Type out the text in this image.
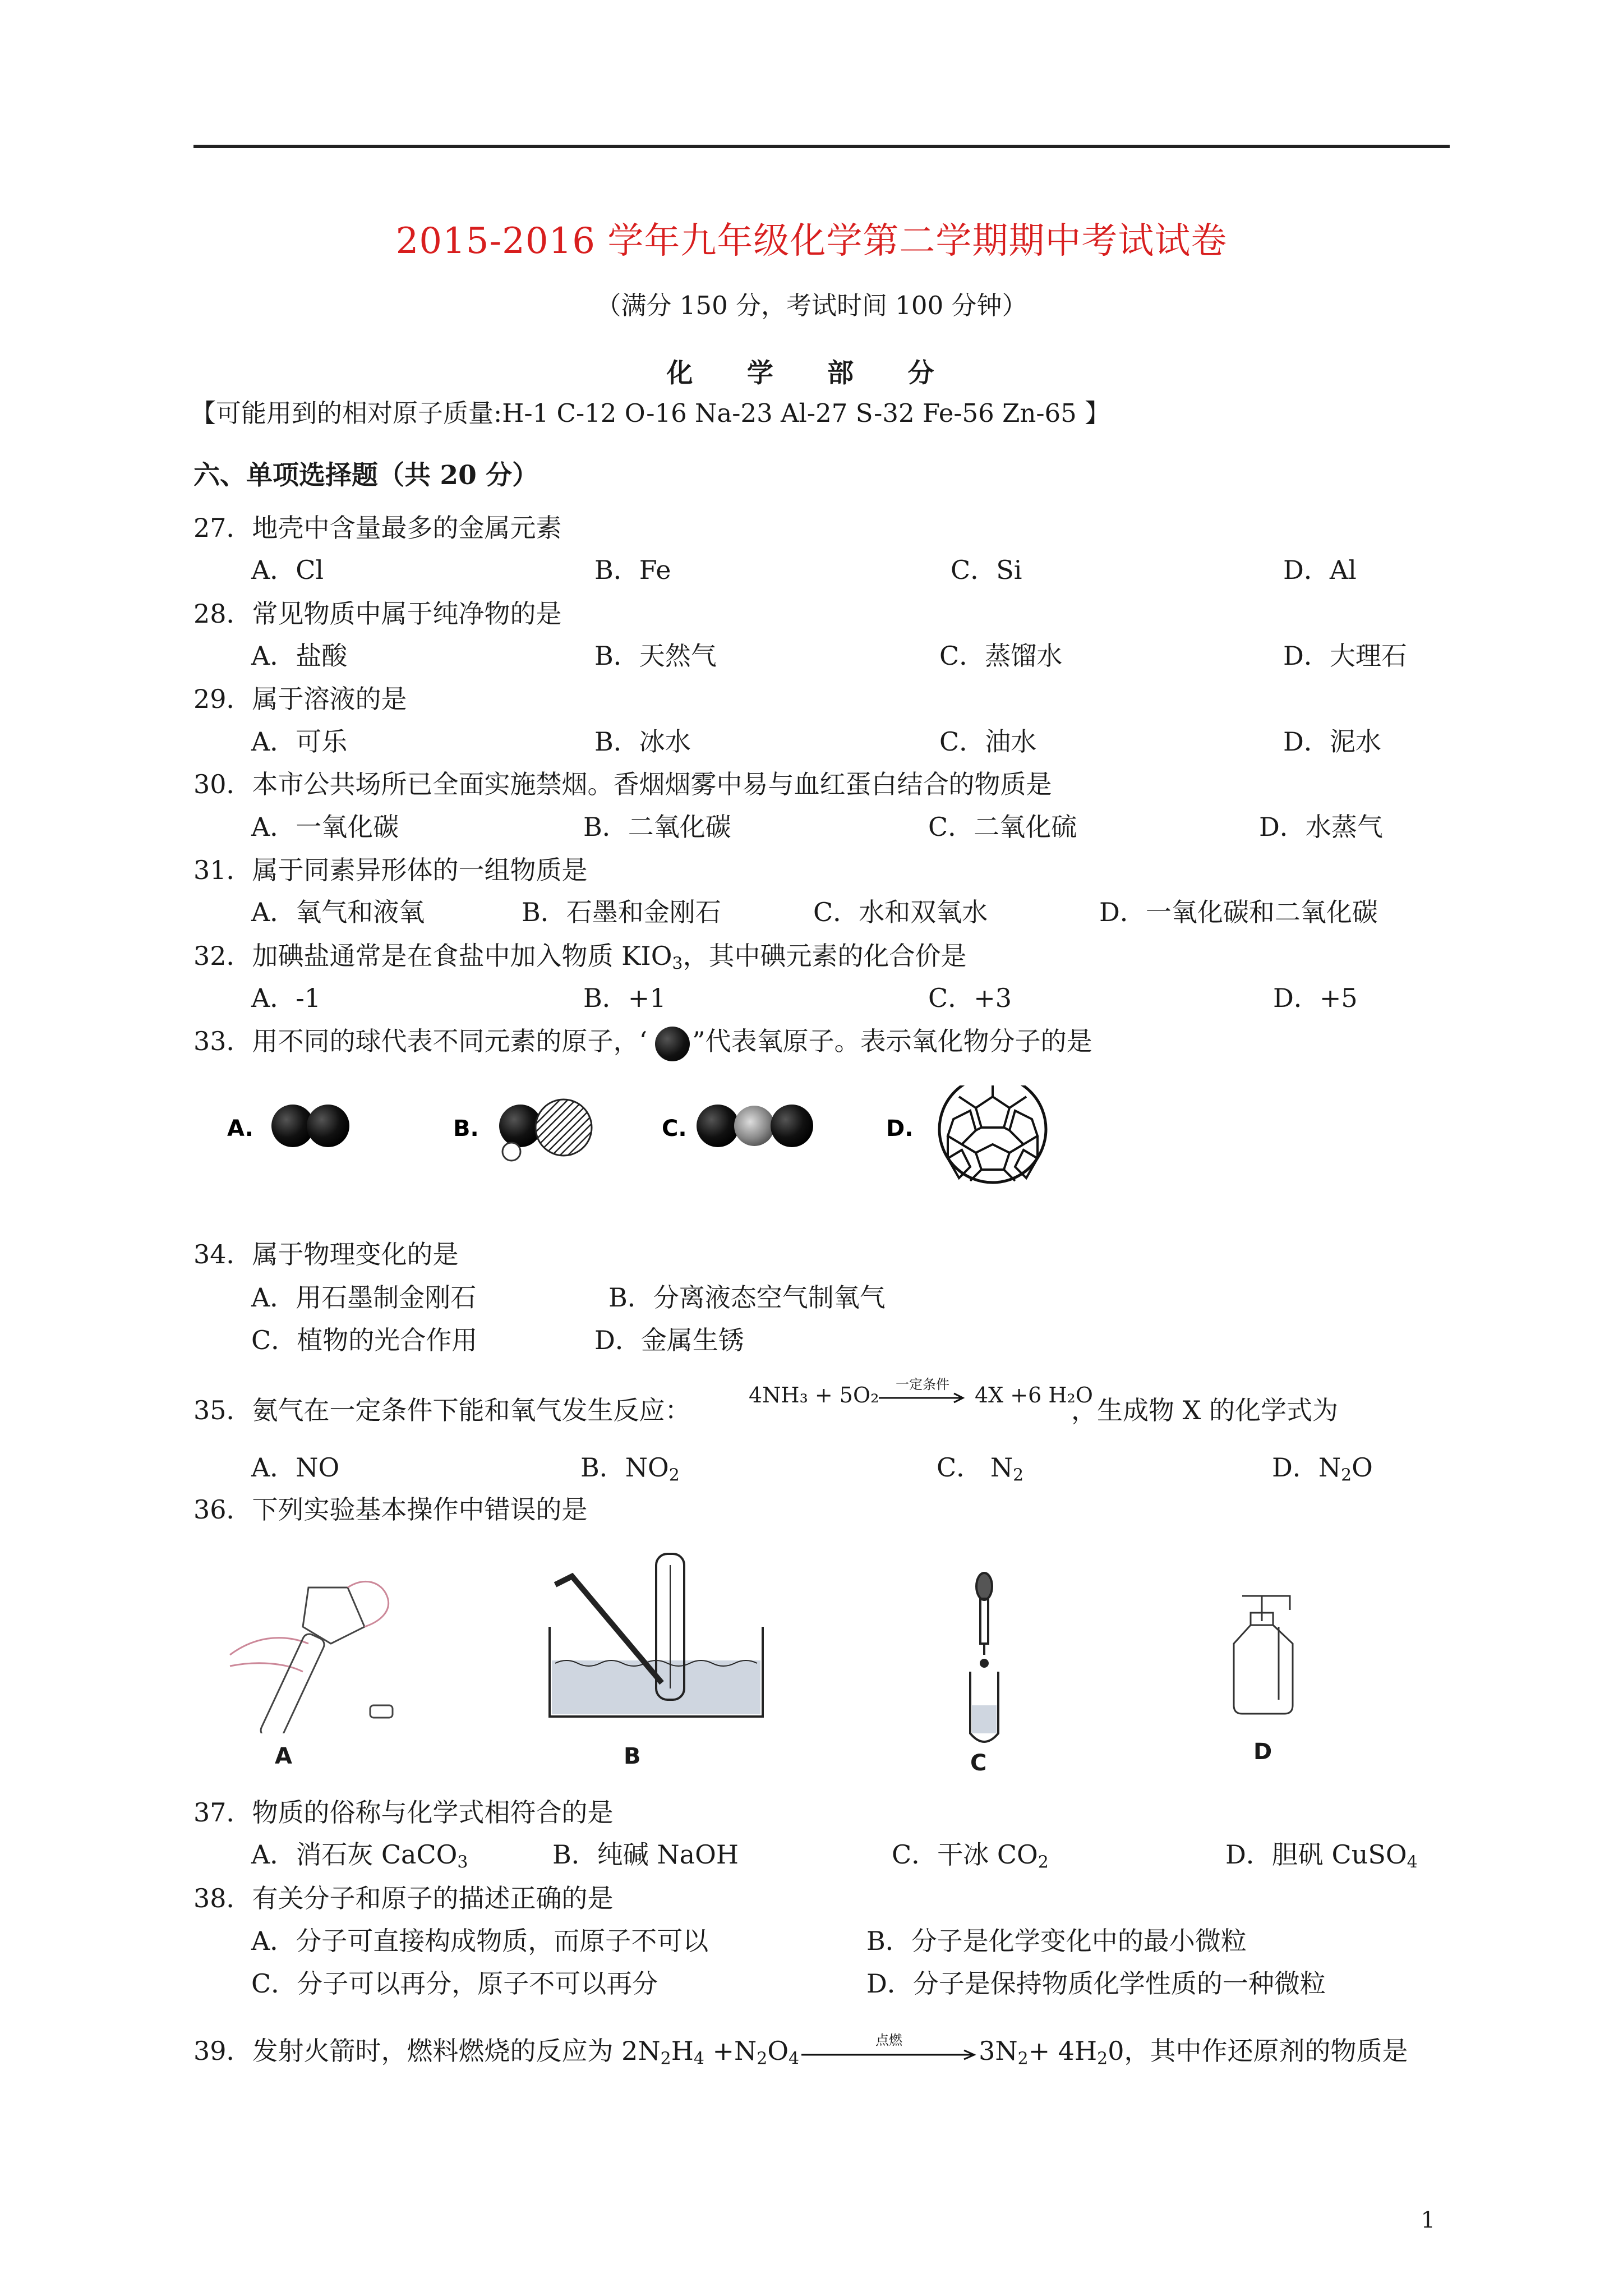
2015-2016 学年九年级化学第二学期期中考试试卷
（满分 150 分，考试时间 100 分钟）
化 学 部 分
【可能用到的相对原子质量:H-1 C-12 O-16 Na-23 Al-27 S-32 Fe-56 Zn-65 】
六、单项选择题（共 20 分）
27．地壳中含量最多的金属元素
A．Cl	B．Fe	C．Si	D．Al
28．常见物质中属于纯净物的是
A．盐酸	B．天然气	C．蒸馏水	D．大理石
29．属于溶液的是
A．可乐	B．冰水	C．油水	D．泥水
30．本市公共场所已全面实施禁烟。香烟烟雾中易与血红蛋白结合的物质是
A．一氧化碳	B．二氧化碳	C．二氧化硫	D．水蒸气
31．属于同素异形体的一组物质是
A．氧气和液氧	B．石墨和金刚石	C．水和双氧水	D．一氧化碳和二氧化碳
32．加碘盐通常是在食盐中加入物质 $KIO_3$，其中碘元素的化合价是
A．-1	B．+1	C．+3	D．+5
33．用不同的球代表不同元素的原子，‘ ”代表氧原子。表示氧化物分子的是
A.	B.	C.	D.
34．属于物理变化的是
A．用石墨制金刚石	B．分离液态空气制氧气
C．植物的光合作用	D．金属生锈
35．氨气在一定条件下能和氧气发生反应：	4NH₃ + 5O₂	一定条件	4X +6 H₂O
，生成物 X 的化学式为
A．NO	B．$NO_2$	C． $N_2$	D．$N_2O$
36．下列实验基本操作中错误的是
A	B	C	D
37．物质的俗称与化学式相符合的是
A．消石灰 CaCO$_3$	B．纯碱 NaOH	C．干冰 $CO_2$	D．胆矾 CuSO$_4$
38．有关分子和原子的描述正确的是
A．分子可直接构成物质，而原子不可以	B．分子是化学变化中的最小微粒
C．分子可以再分，原子不可以再分	D．分子是保持物质化学性质的一种微粒
39．发射火箭时，燃料燃烧的反应为 $2N_2H_4 +N_2O_4$
点燃	$3N_2+ 4H_20$，其中作还原剂的物质是
1
